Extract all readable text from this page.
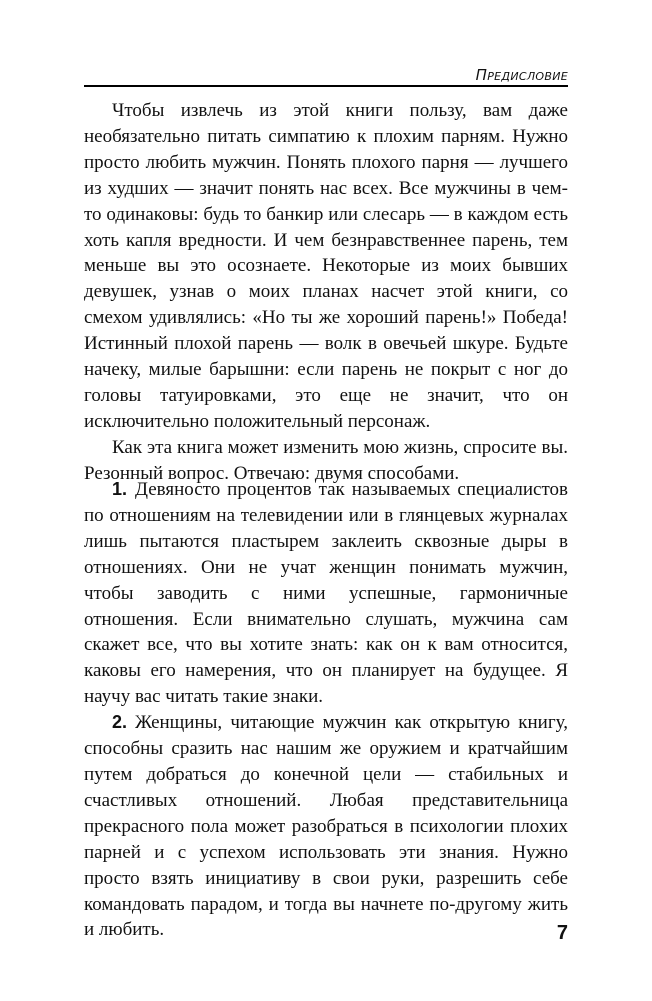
Предисловие

Чтобы извлечь из этой книги пользу, вам даже необязательно питать симпатию к плохим парням. Нужно просто любить мужчин. Понять плохого парня — лучшего из худших — значит понять нас всех. Все мужчины в чем-то одинаковы: будь то банкир или слесарь — в каждом есть хоть капля вредности. И чем безнравственнее парень, тем меньше вы это осознаете. Некоторые из моих бывших девушек, узнав о моих планах насчет этой книги, со смехом удивлялись: «Но ты же хороший парень!» Победа! Истинный плохой парень — волк в овечьей шкуре. Будьте начеку, милые барышни: если парень не покрыт с ног до головы татуировками, это еще не значит, что он исключительно положительный персонаж.

Как эта книга может изменить мою жизнь, спросите вы. Резонный вопрос. Отвечаю: двумя способами.

1. Девяносто процентов так называемых специалистов по отношениям на телевидении или в глянцевых журналах лишь пытаются пластырем заклеить сквозные дыры в отношениях. Они не учат женщин понимать мужчин, чтобы заводить с ними успешные, гармоничные отношения. Если внимательно слушать, мужчина сам скажет все, что вы хотите знать: как он к вам относится, каковы его намерения, что он планирует на будущее. Я научу вас читать такие знаки.

2. Женщины, читающие мужчин как открытую книгу, способны сразить нас нашим же оружием и кратчайшим путем добраться до конечной цели — стабильных и счастливых отношений. Любая представительница прекрасного пола может разобраться в психологии плохих парней и с успехом использовать эти знания. Нужно просто взять инициативу в свои руки, разрешить себе командовать парадом, и тогда вы начнете по-другому жить и любить.	7
